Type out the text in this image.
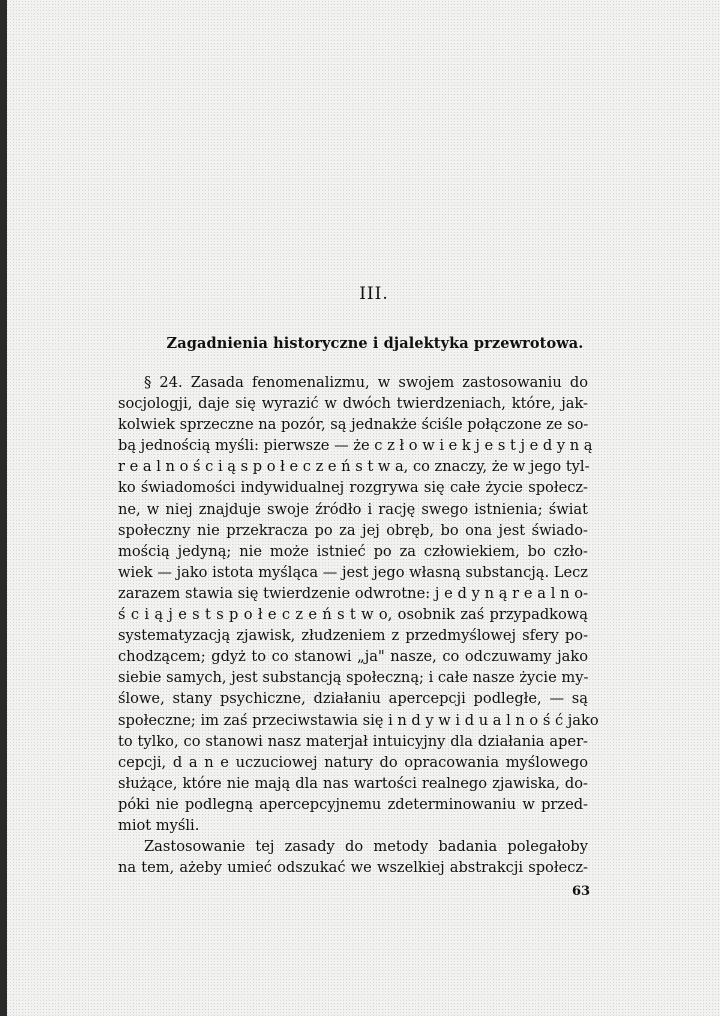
III.
Zagadnienia historyczne i djalektyka przewrotowa.
§ 24. Zasada fenomenalizmu, w swojem zastosowaniu do
socjologji, daje się wyrazić w dwóch twierdzeniach, które, jak-
kolwiek sprzeczne na pozór, są jednakże ściśle połączone ze so-
bą jednością myśli: pierwsze — że c z ł o w i e k j e s t j e d y n ą
r e a l n o ś c i ą s p o ł e c z e ń s t w a, co znaczy, że w jego tyl-
ko świadomości indywidualnej rozgrywa się całe życie społecz-
ne, w niej znajduje swoje źródło i rację swego istnienia; świat
społeczny nie przekracza po za jej obręb, bo ona jest świado-
mością jedyną; nie może istnieć po za człowiekiem, bo czło-
wiek — jako istota myśląca — jest jego własną substancją. Lecz
zarazem stawia się twierdzenie odwrotne: j e d y n ą r e a l n o-
ś c i ą j e s t s p o ł e c z e ń s t w o, osobnik zaś przypadkową
systematyzacją zjawisk, złudzeniem z przedmyślowej sfery po-
chodzącem; gdyż to co stanowi „ja" nasze, co odczuwamy jako
siebie samych, jest substancją społeczną; i całe nasze życie my-
ślowe, stany psychiczne, działaniu apercepcji podległe, — są
społeczne; im zaś przeciwstawia się i n d y w i d u a l n o ś ć jako
to tylko, co stanowi nasz materjał intuicyjny dla działania aper-
cepcji, d a n e uczuciowej natury do opracowania myślowego
służące, które nie mają dla nas wartości realnego zjawiska, do-
póki nie podlegną apercepcyjnemu zdeterminowaniu w przed-
miot myśli.
Zastosowanie tej zasady do metody badania polegałoby
na tem, ażeby umieć odszukać we wszelkiej abstrakcji społecz-
63
